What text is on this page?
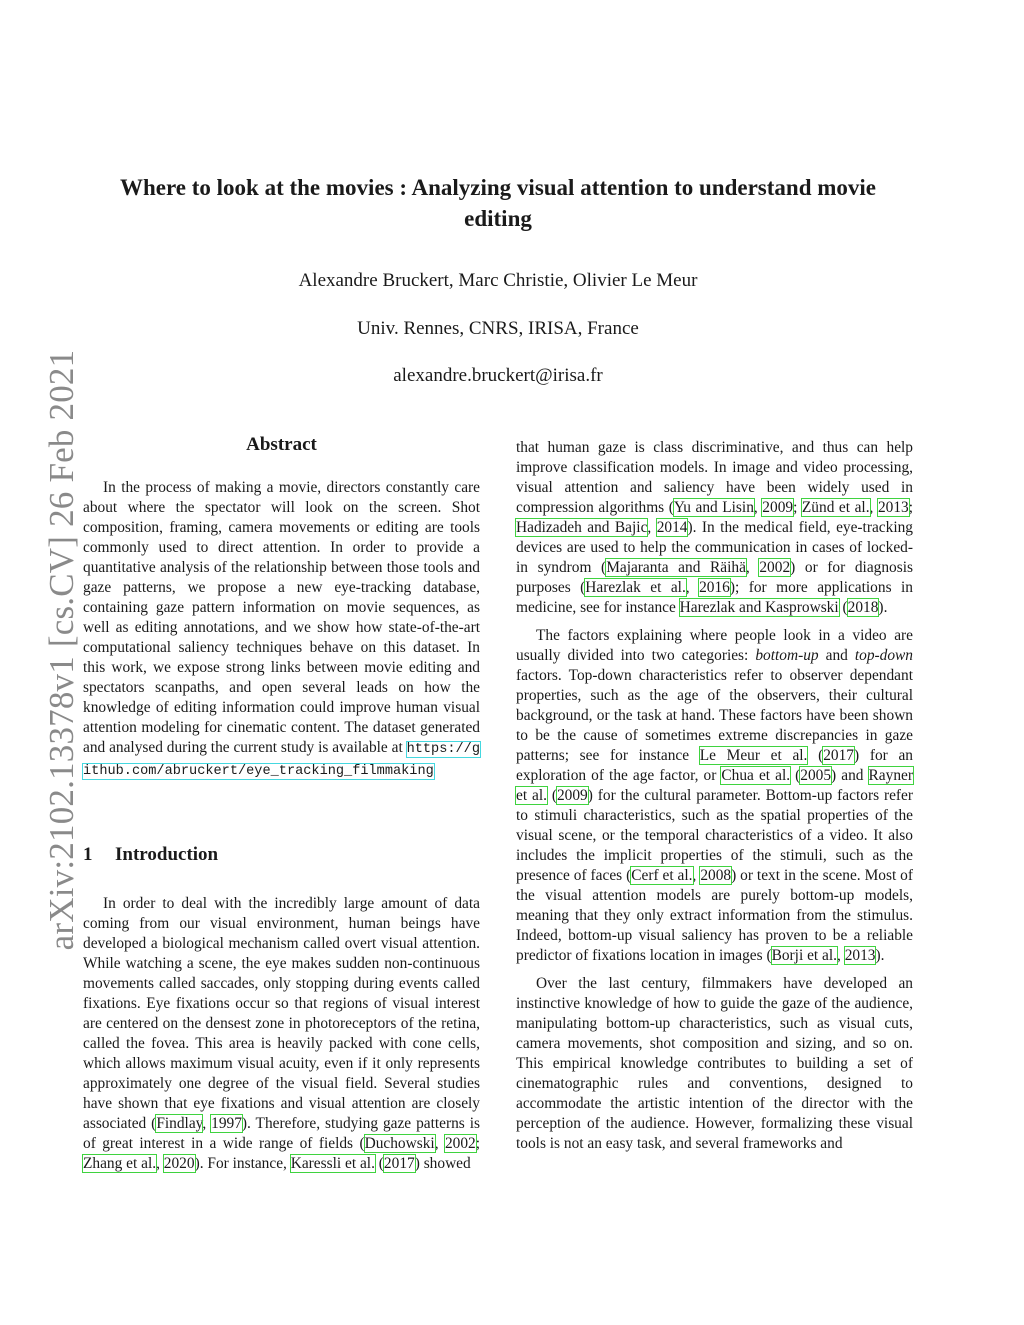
arXiv:2102.13378v1 [cs.CV] 26 Feb 2021
Where to look at the movies : Analyzing visual attention to understand movie editing
Alexandre Bruckert, Marc Christie, Olivier Le Meur
Univ. Rennes, CNRS, IRISA, France
alexandre.bruckert@irisa.fr
Abstract
In the process of making a movie, directors constantly care about where the spectator will look on the screen. Shot composition, framing, camera movements or editing are tools commonly used to direct attention. In order to provide a quantitative analysis of the relationship between those tools and gaze patterns, we propose a new eye-tracking database, containing gaze pattern information on movie sequences, as well as editing annotations, and we show how state-of-the-art computational saliency techniques behave on this dataset. In this work, we expose strong links between movie editing and spectators scanpaths, and open several leads on how the knowledge of editing information could improve human visual attention modeling for cinematic content. The dataset generated and analysed during the current study is available at https://github.com/abruckert/eye_tracking_filmmaking
1 Introduction
In order to deal with the incredibly large amount of data coming from our visual environment, human beings have developed a biological mechanism called overt visual attention. While watching a scene, the eye makes sudden non-continuous movements called saccades, only stopping during events called fixations. Eye fixations occur so that regions of visual interest are centered on the densest zone in photoreceptors of the retina, called the fovea. This area is heavily packed with cone cells, which allows maximum visual acuity, even if it only represents approximately one degree of the visual field. Several studies have shown that eye fixations and visual attention are closely associated (Findlay, 1997). Therefore, studying gaze patterns is of great interest in a wide range of fields (Duchowski, 2002; Zhang et al., 2020). For instance, Karessli et al. (2017) showed

that human gaze is class discriminative, and thus can help improve classification models. In image and video processing, visual attention and saliency have been widely used in compression algorithms (Yu and Lisin, 2009; Zünd et al., 2013; Hadizadeh and Bajic, 2014). In the medical field, eye-tracking devices are used to help the communication in cases of locked-in syndrom (Majaranta and Räihä, 2002) or for diagnosis purposes (Harezlak et al., 2016); for more applications in medicine, see for instance Harezlak and Kasprowski (2018).

The factors explaining where people look in a video are usually divided into two categories: bottom-up and top-down factors. Top-down characteristics refer to observer dependant properties, such as the age of the observers, their cultural background, or the task at hand. These factors have been shown to be the cause of sometimes extreme discrepancies in gaze patterns; see for instance Le Meur et al. (2017) for an exploration of the age factor, or Chua et al. (2005) and Rayner et al. (2009) for the cultural parameter. Bottom-up factors refer to stimuli characteristics, such as the spatial properties of the visual scene, or the temporal characteristics of a video. It also includes the implicit properties of the stimuli, such as the presence of faces (Cerf et al., 2008) or text in the scene. Most of the visual attention models are purely bottom-up models, meaning that they only extract information from the stimulus. Indeed, bottom-up visual saliency has proven to be a reliable predictor of fixations location in images (Borji et al., 2013).

Over the last century, filmmakers have developed an instinctive knowledge of how to guide the gaze of the audience, manipulating bottom-up characteristics, such as visual cuts, camera movements, shot composition and sizing, and so on. This empirical knowledge contributes to building a set of cinematographic rules and conventions, designed to accommodate the artistic intention of the director with the perception of the audience. However, formalizing these visual tools is not an easy task, and several frameworks and
